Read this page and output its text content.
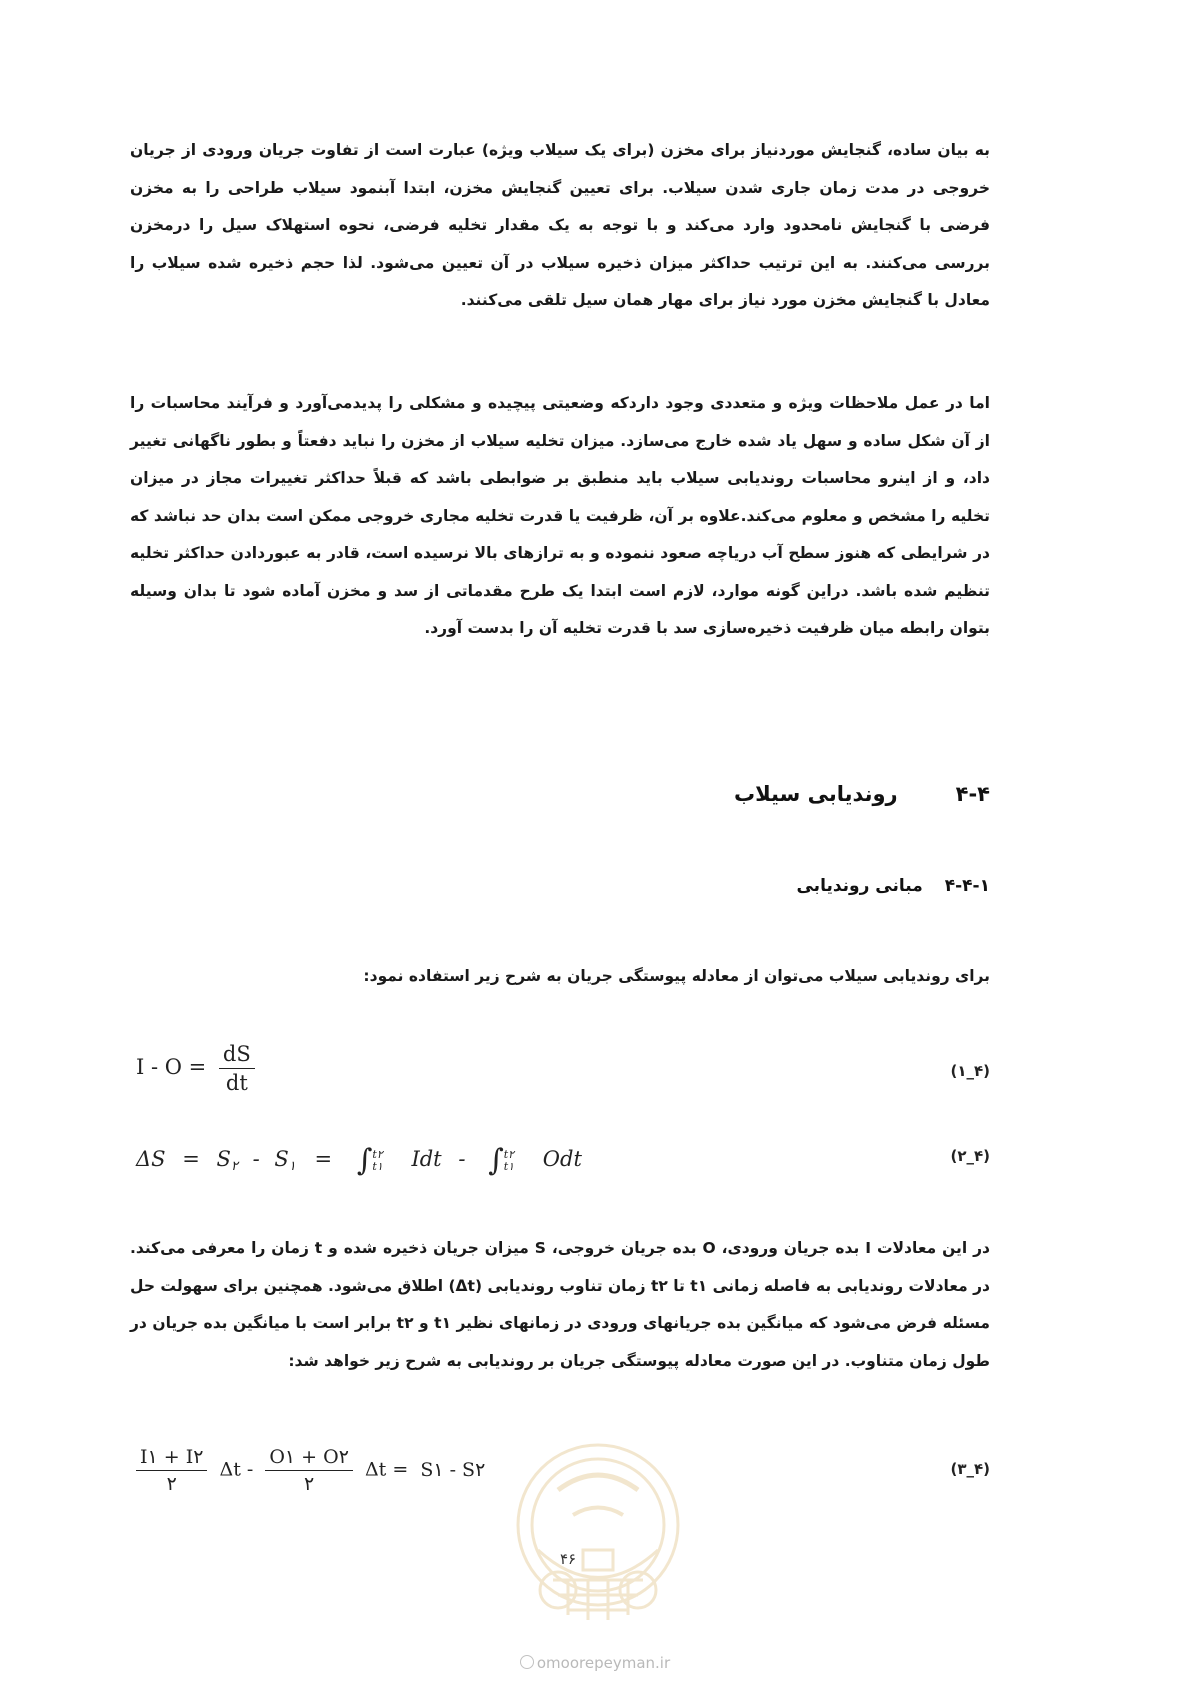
به بیان ساده، گنجایش موردنیاز برای مخزن (برای یک سیلاب ویژه) عبارت است از تفاوت جریان ورودی از جریان خروجی در مدت زمان جاری شدن سیلاب. برای تعیین گنجایش مخزن، ابتدا آبنمود سیلاب طراحی را به مخزن فرضی با گنجایش نامحدود وارد می‌کند و با توجه به یک مقدار تخلیه فرضی، نحوه استهلاک سیل را درمخزن بررسی می‌کنند. به این ترتیب حداکثر میزان ذخیره سیلاب در آن تعیین می‌شود. لذا حجم ذخیره شده سیلاب را معادل با گنجایش مخزن مورد نیاز برای مهار همان سیل تلقی می‌کنند.

اما در عمل ملاحظات ویژه و متعددی وجود داردکه وضعیتی پیچیده و مشکلی را پدیدمی‌آورد و فرآیند محاسبات را از آن شکل ساده و سهل یاد شده خارج می‌سازد. میزان تخلیه سیلاب از مخزن را نباید دفعتاً و بطور ناگهانی تغییر داد، و از اینرو محاسبات روندیابی سیلاب باید منطبق بر ضوابطی باشد که قبلاً حداکثر تغییرات مجاز در میزان تخلیه را مشخص و معلوم می‌کند.علاوه بر آن، ظرفیت یا قدرت تخلیه مجاری خروجی ممکن است بدان حد نباشد که در شرایطی که هنوز سطح آب دریاچه صعود ننموده و به ترازهای بالا نرسیده است، قادر به عبوردادن حداکثر تخلیه تنظیم شده باشد. دراین گونه موارد، لازم است ابتدا یک طرح مقدماتی از سد و مخزن آماده شود تا بدان وسیله بتوان رابطه میان ظرفیت ذخیره‌سازی سد با قدرت تخلیه آن را بدست آورد.

۴-۴روندیابی سیلاب
۴-۴-۱مبانی روندیابی

برای روندیابی سیلاب می‌توان از معادله پیوستگی جریان به شرح زیر استفاده نمود:

$I - O = \frac{dS}{dt}$	(۴_۱)
$\Delta S = S_۲ - S_۱$ = ∫ t۲
t۱ Idt - ∫ t۲
t۱ Odt	(۴_۲)

در این معادلات I بده جریان ورودی، O بده جریان خروجی، S میزان جریان ذخیره شده و t زمان را معرفی می‌کند. در معادلات روندیابی به فاصله زمانی t۱ تا t۲ زمان تناوب روندیابی (Δt) اطلاق می‌شود. همچنین برای سهولت حل مسئله فرض می‌شود که میانگین بده جریانهای ورودی در زمانهای نظیر t۱ و t۲ برابر است با میانگین بده جریان در طول زمان متناوب. در این صورت معادله پیوستگی جریان بر روندیابی به شرح زیر خواهد شد:

$\frac{I۱ + I۲}{۲}$ Δt - $\frac{O۱ + O۲}{۲}$ Δt = S۱ - S۲	(۴_۳)
۴۶
omoorepeyman.ir
